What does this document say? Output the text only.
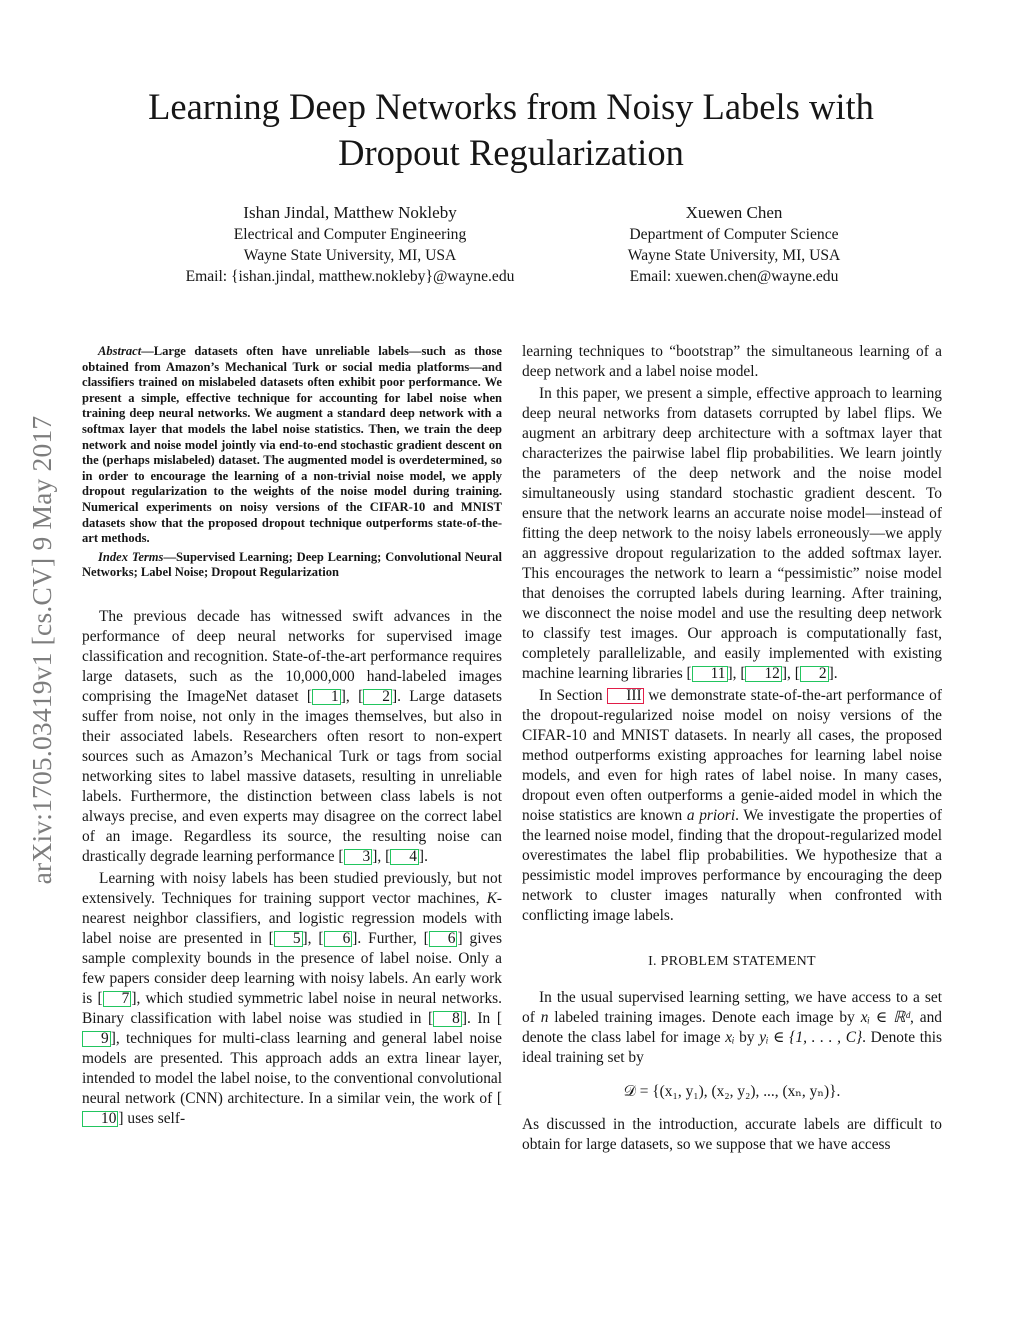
arXiv:1705.03419v1 [cs.CV] 9 May 2017
Learning Deep Networks from Noisy Labels with
Dropout Regularization
Ishan Jindal, Matthew Nokleby
Electrical and Computer Engineering
Wayne State University, MI, USA
Email: {ishan.jindal, matthew.nokleby}@wayne.edu
Xuewen Chen
Department of Computer Science
Wayne State University, MI, USA
Email: xuewen.chen@wayne.edu

Abstract—Large datasets often have unreliable labels—such as those obtained from Amazon’s Mechanical Turk or social media platforms—and classifiers trained on mislabeled datasets often exhibit poor performance. We present a simple, effective technique for accounting for label noise when training deep neural networks. We augment a standard deep network with a softmax layer that models the label noise statistics. Then, we train the deep network and noise model jointly via end-to-end stochastic gradient descent on the (perhaps mislabeled) dataset. The augmented model is overdetermined, so in order to encourage the learning of a non-trivial noise model, we apply dropout regularization to the weights of the noise model during training. Numerical experiments on noisy versions of the CIFAR-10 and MNIST datasets show that the proposed dropout technique outperforms state-of-the-art methods.

Index Terms—Supervised Learning; Deep Learning; Convolutional Neural Networks; Label Noise; Dropout Regularization

The previous decade has witnessed swift advances in the performance of deep neural networks for supervised image classification and recognition. State-of-the-art performance requires large datasets, such as the 10,000,000 hand-labeled images comprising the ImageNet dataset [ 1 ], [ 2 ]. Large datasets suffer from noise, not only in the images themselves, but also in their associated labels. Researchers often resort to non-expert sources such as Amazon’s Mechanical Turk or tags from social networking sites to label massive datasets, resulting in unreliable labels. Furthermore, the distinction between class labels is not always precise, and even experts may disagree on the correct label of an image. Regardless its source, the resulting noise can drastically degrade learning performance [ 3 ], [ 4 ].

Learning with noisy labels has been studied previously, but not extensively. Techniques for training support vector machines, K-nearest neighbor classifiers, and logistic regression models with label noise are presented in [ 5 ], [ 6 ]. Further, [ 6 ] gives sample complexity bounds in the presence of label noise. Only a few papers consider deep learning with noisy labels. An early work is [ 7 ], which studied symmetric label noise in neural networks. Binary classification with label noise was studied in [ 8 ]. In [9 ], techniques for multi-class learning and general label noise models are presented. This approach adds an extra linear layer, intended to model the label noise, to the conventional convolutional neural network (CNN) architecture. In a similar vein, the work of [10 ] uses self-

learning techniques to “bootstrap” the simultaneous learning of a deep network and a label noise model.

In this paper, we present a simple, effective approach to learning deep neural networks from datasets corrupted by label flips. We augment an arbitrary deep architecture with a softmax layer that characterizes the pairwise label flip probabilities. We learn jointly the parameters of the deep network and the noise model simultaneously using standard stochastic gradient descent. To ensure that the network learns an accurate noise model—instead of fitting the deep network to the noisy labels erroneously—we apply an aggressive dropout regularization to the added softmax layer. This encourages the network to learn a “pessimistic” noise model that denoises the corrupted labels during learning. After training, we disconnect the noise model and use the resulting deep network to classify test images. Our approach is computationally fast, completely parallelizable, and easily implemented with existing machine learning libraries [ 11 ], [ 12 ], [ 2 ].

In Section III we demonstrate state-of-the-art performance of the dropout-regularized noise model on noisy versions of the CIFAR-10 and MNIST datasets. In nearly all cases, the proposed method outperforms existing approaches for learning label noise models, and even for high rates of label noise. In many cases, dropout even often outperforms a genie-aided model in which the noise statistics are known a priori. We investigate the properties of the learned noise model, finding that the dropout-regularized model overestimates the label flip probabilities. We hypothesize that a pessimistic model improves performance by encouraging the deep network to cluster images naturally when confronted with conflicting image labels.

I. PROBLEM STATEMENT

In the usual supervised learning setting, we have access to a set of n labeled training images. Denote each image by xᵢ ∈ ℝᵈ, and denote the class label for image xᵢ by yᵢ ∈ {1, . . . , C}. Denote this ideal training set by

𝒟 = {(x₁, y₁), (x₂, y₂), ..., (xₙ, yₙ)}.

As discussed in the introduction, accurate labels are difficult to obtain for large datasets, so we suppose that we have access
